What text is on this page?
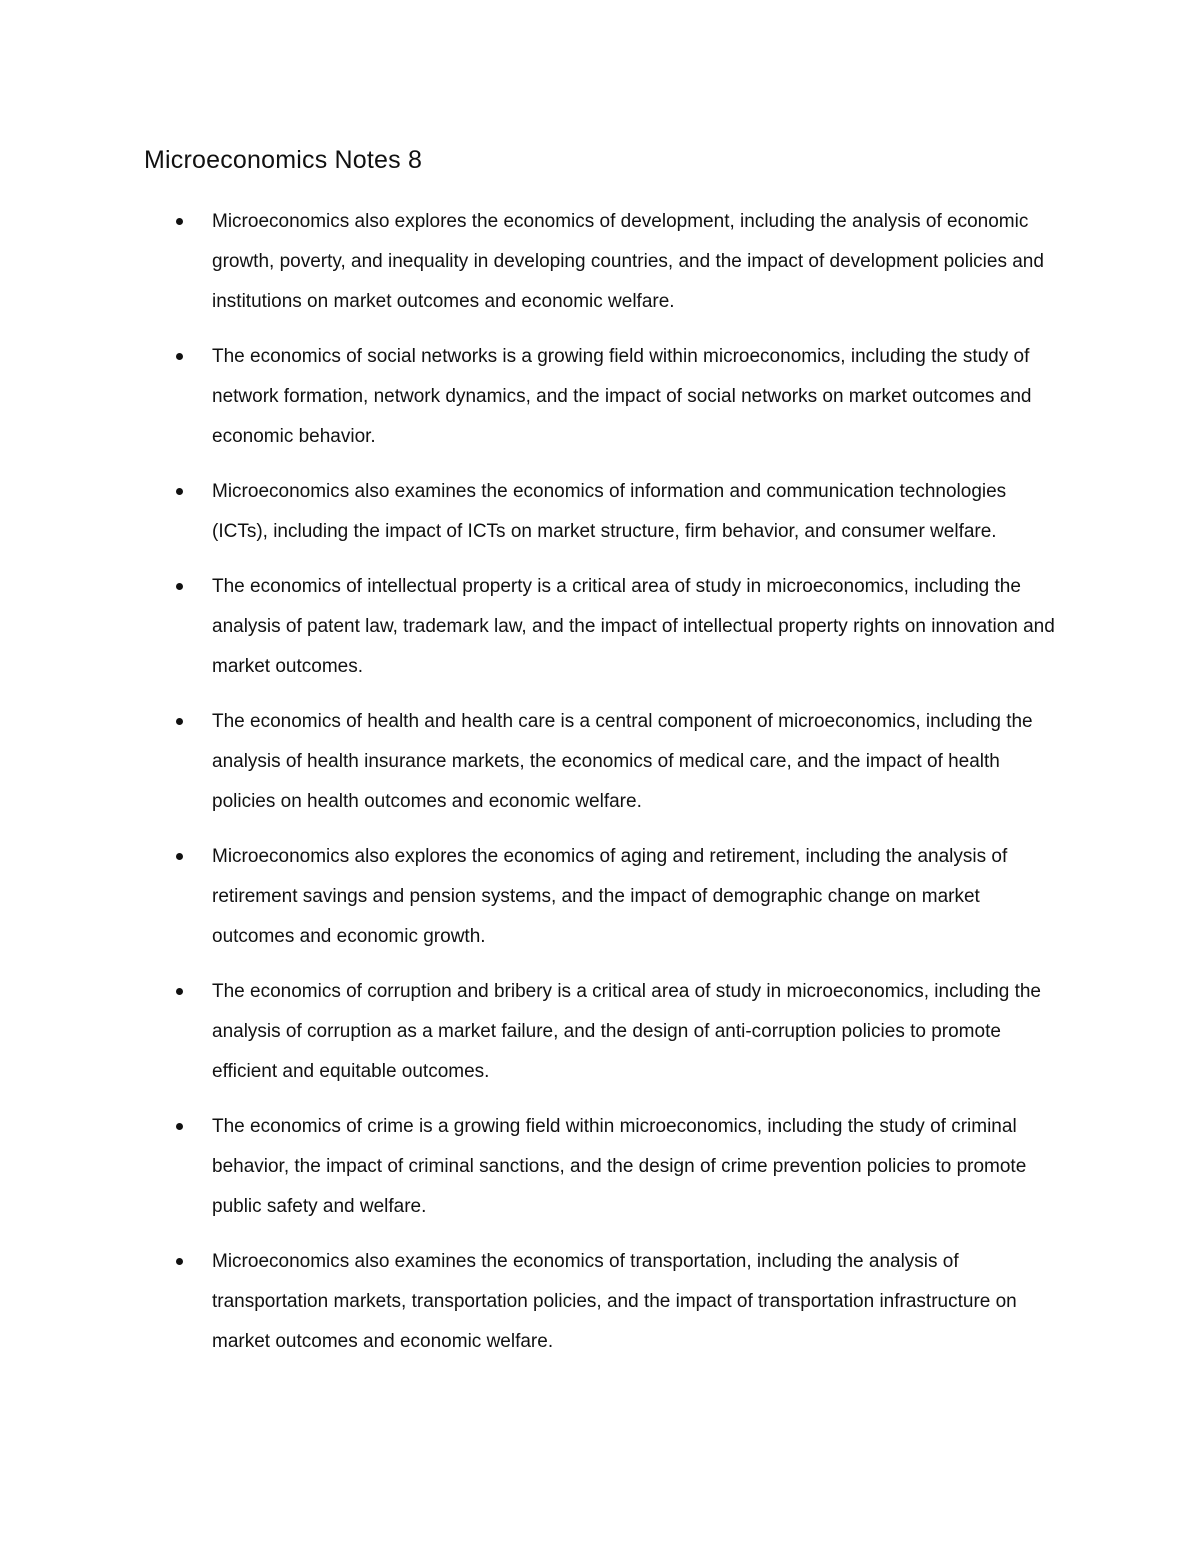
Microeconomics Notes 8
Microeconomics also explores the economics of development, including the analysis of economic growth, poverty, and inequality in developing countries, and the impact of development policies and institutions on market outcomes and economic welfare.
The economics of social networks is a growing field within microeconomics, including the study of network formation, network dynamics, and the impact of social networks on market outcomes and economic behavior.
Microeconomics also examines the economics of information and communication technologies (ICTs), including the impact of ICTs on market structure, firm behavior, and consumer welfare.
The economics of intellectual property is a critical area of study in microeconomics, including the analysis of patent law, trademark law, and the impact of intellectual property rights on innovation and market outcomes.
The economics of health and health care is a central component of microeconomics, including the analysis of health insurance markets, the economics of medical care, and the impact of health policies on health outcomes and economic welfare.
Microeconomics also explores the economics of aging and retirement, including the analysis of retirement savings and pension systems, and the impact of demographic change on market outcomes and economic growth.
The economics of corruption and bribery is a critical area of study in microeconomics, including the analysis of corruption as a market failure, and the design of anti-corruption policies to promote efficient and equitable outcomes.
The economics of crime is a growing field within microeconomics, including the study of criminal behavior, the impact of criminal sanctions, and the design of crime prevention policies to promote public safety and welfare.
Microeconomics also examines the economics of transportation, including the analysis of transportation markets, transportation policies, and the impact of transportation infrastructure on market outcomes and economic welfare.
